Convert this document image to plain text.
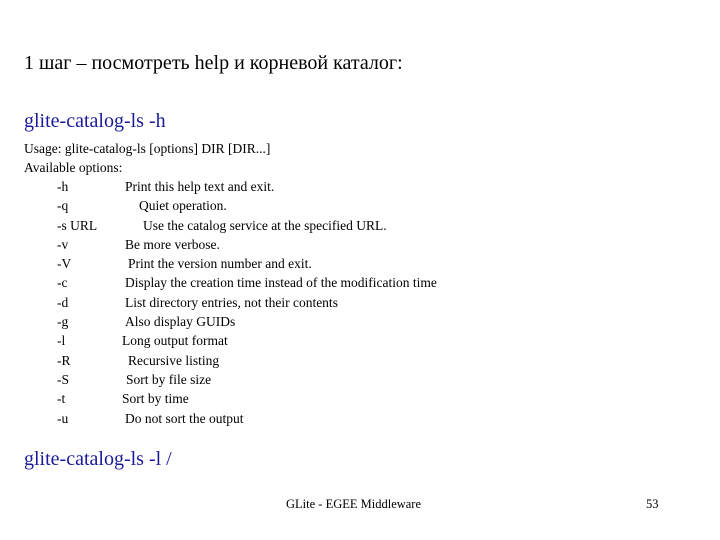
1 шаг – посмотреть help и корневой каталог:
glite-catalog-ls -h
Usage: glite-catalog-ls [options] DIR [DIR...]
Available options:
-h	Print this help text and exit.
-q	Quiet operation.
-s URL	Use the catalog service at the specified URL.
-v	Be more verbose.
-V	Print the version number and exit.
-c	Display the creation time instead of the modification time
-d	List directory entries, not their contents
-g	Also display GUIDs
-l	Long output format
-R	Recursive listing
-S	Sort by file size
-t	Sort by time
-u	Do not sort the output
glite-catalog-ls -l /
GLite - EGEE Middleware	53
